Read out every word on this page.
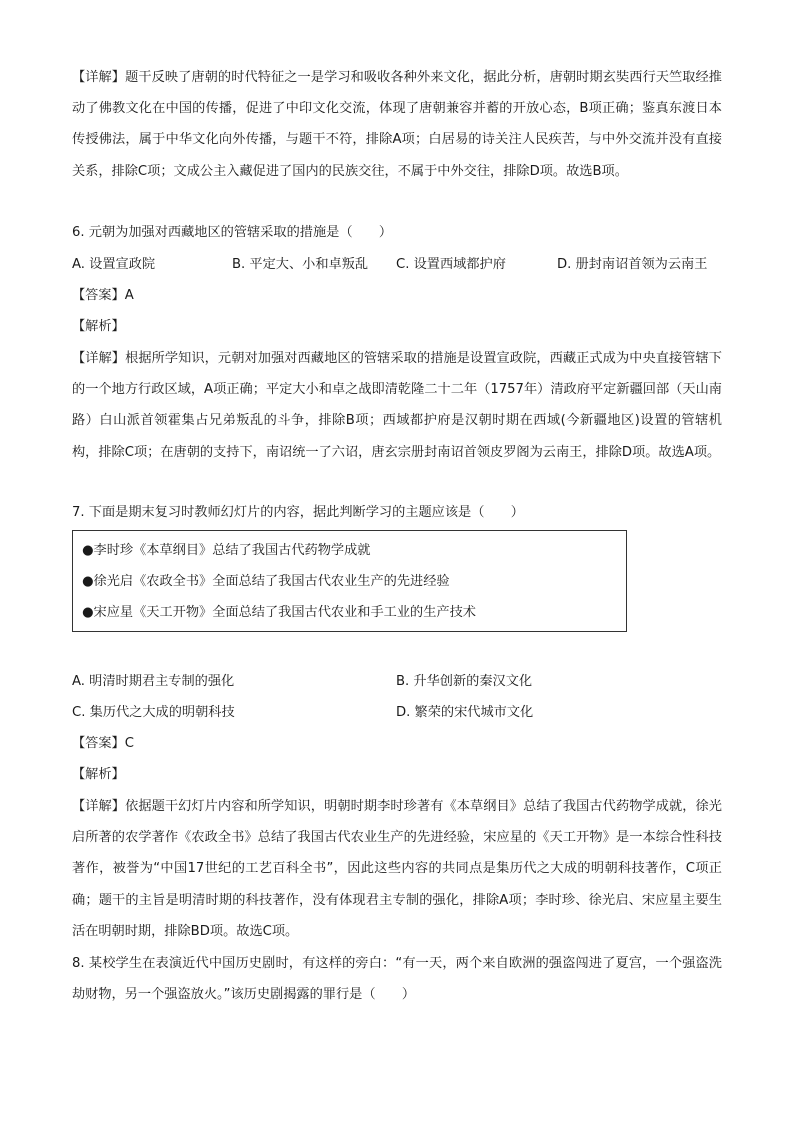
【详解】题干反映了唐朝的时代特征之一是学习和吸收各种外来文化，据此分析，唐朝时期玄奘西行天竺取经推动了佛教文化在中国的传播，促进了中印文化交流，体现了唐朝兼容并蓄的开放心态，B项正确；鉴真东渡日本传授佛法，属于中华文化向外传播，与题干不符，排除A项；白居易的诗关注人民疾苦，与中外交流并没有直接关系，排除C项；文成公主入藏促进了国内的民族交往，不属于中外交往，排除D项。故选B项。

6. 元朝为加强对西藏地区的管辖采取的措施是（　　）
A. 设置宣政院	B. 平定大、小和卓叛乱 C. 设置西域都护府	D. 册封南诏首领为云南王
【答案】A
【解析】

【详解】根据所学知识，元朝对加强对西藏地区的管辖采取的措施是设置宣政院，西藏正式成为中央直接管辖下的一个地方行政区域，A项正确；平定大小和卓之战即清乾隆二十二年（1757年）清政府平定新疆回部（天山南路）白山派首领霍集占兄弟叛乱的斗争，排除B项；西域都护府是汉朝时期在西域(今新疆地区)设置的管辖机构，排除C项；在唐朝的支持下，南诏统一了六诏，唐玄宗册封南诏首领皮罗阁为云南王，排除D项。故选A项。

7. 下面是期末复习时教师幻灯片的内容，据此判断学习的主题应该是（　　）
●李时珍《本草纲目》总结了我国古代药物学成就
●徐光启《农政全书》全面总结了我国古代农业生产的先进经验
●宋应星《天工开物》全面总结了我国古代农业和手工业的生产技术
A. 明清时期君主专制的强化	B. 升华创新的秦汉文化
C. 集历代之大成的明朝科技	D. 繁荣的宋代城市文化
【答案】C
【解析】

【详解】依据题干幻灯片内容和所学知识，明朝时期李时珍著有《本草纲目》总结了我国古代药物学成就，徐光启所著的农学著作《农政全书》总结了我国古代农业生产的先进经验，宋应星的《天工开物》是一本综合性科技著作，被誉为“中国17世纪的工艺百科全书”，因此这些内容的共同点是集历代之大成的明朝科技著作，C项正确；题干的主旨是明清时期的科技著作，没有体现君主专制的强化，排除A项；李时珍、徐光启、宋应星主要生活在明朝时期，排除BD项。故选C项。

8. 某校学生在表演近代中国历史剧时，有这样的旁白：“有一天，两个来自欧洲的强盗闯进了夏宫，一个强盗洗劫财物，另一个强盗放火。”该历史剧揭露的罪行是（　　）
